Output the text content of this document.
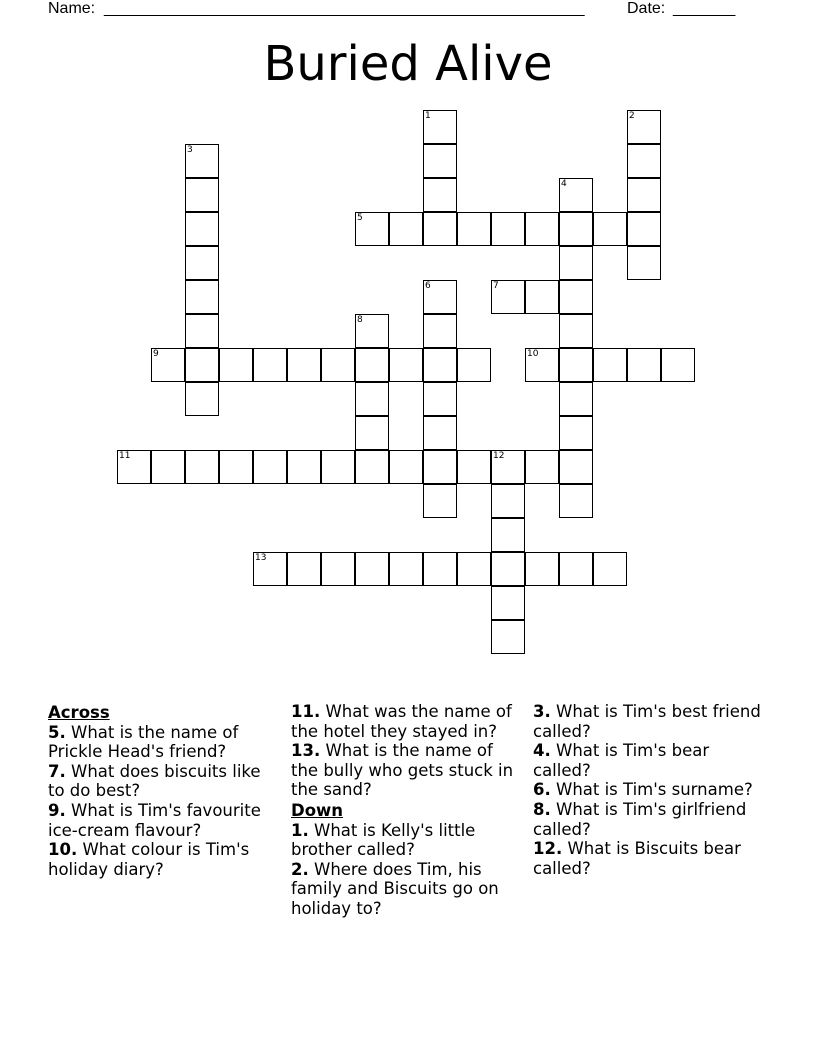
Name: ______________________________________________________	Date: _______
Buried Alive
1	2
3
4
5
6	7
8
9	10
11	12
13
Across
5. What is the name of Prickle Head's friend?
7. What does biscuits like to do best?
9. What is Tim's favourite ice-cream flavour?
10. What colour is Tim's holiday diary?
11. What was the name of the hotel they stayed in?
13. What is the name of the bully who gets stuck in the sand?
Down
1. What is Kelly's little brother called?
2. Where does Tim, his family and Biscuits go on holiday to?
3. What is Tim's best friend called?
4. What is Tim's bear called?
6. What is Tim's surname?
8. What is Tim's girlfriend called?
12. What is Biscuits bear called?
